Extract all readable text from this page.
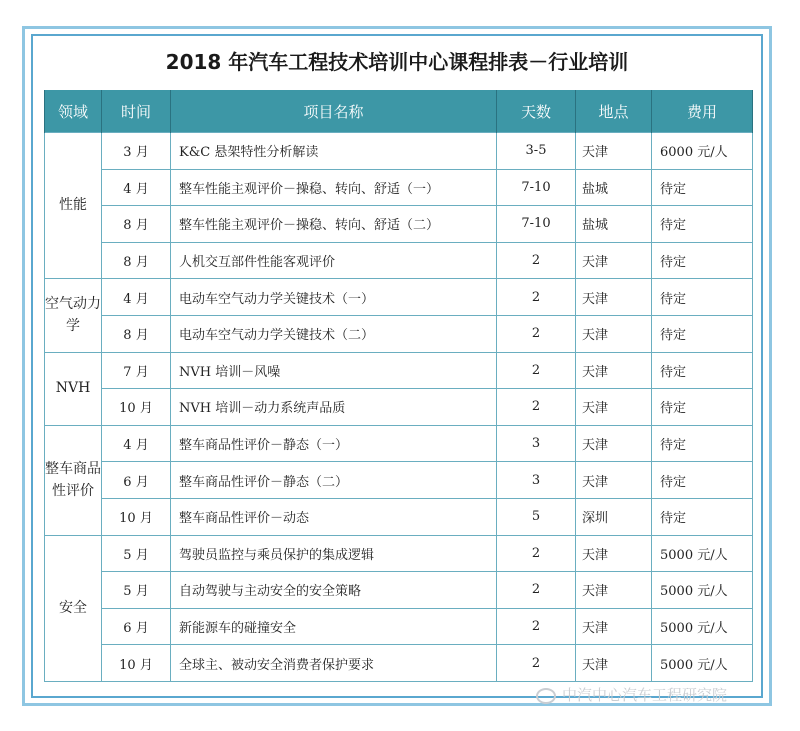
2018 年汽车工程技术培训中心课程排表－行业培训
领域	时间	项目名称	天数	地点	费用
性能	3 月	K&C 悬架特性分析解读	3-5	天津	6000 元/人
	4 月	整车性能主观评价－操稳、转向、舒适（一）	7-10	盐城	待定
	8 月	整车性能主观评价－操稳、转向、舒适（二）	7-10	盐城	待定
	8 月	人机交互部件性能客观评价	2	天津	待定
空气动力学	4 月	电动车空气动力学关键技术（一）	2	天津	待定
	8 月	电动车空气动力学关键技术（二）	2	天津	待定
NVH	7 月	NVH 培训－风噪	2	天津	待定
	10 月	NVH 培训－动力系统声品质	2	天津	待定
整车商品性评价	4 月	整车商品性评价－静态（一）	3	天津	待定
	6 月	整车商品性评价－静态（二）	3	天津	待定
	10 月	整车商品性评价－动态	5	深圳	待定
安全	5 月	驾驶员监控与乘员保护的集成逻辑	2	天津	5000 元/人
	5 月	自动驾驶与主动安全的安全策略	2	天津	5000 元/人
	6 月	新能源车的碰撞安全	2	天津	5000 元/人
	10 月	全球主、被动安全消费者保护要求	2	天津	5000 元/人
中汽中心汽车工程研究院
